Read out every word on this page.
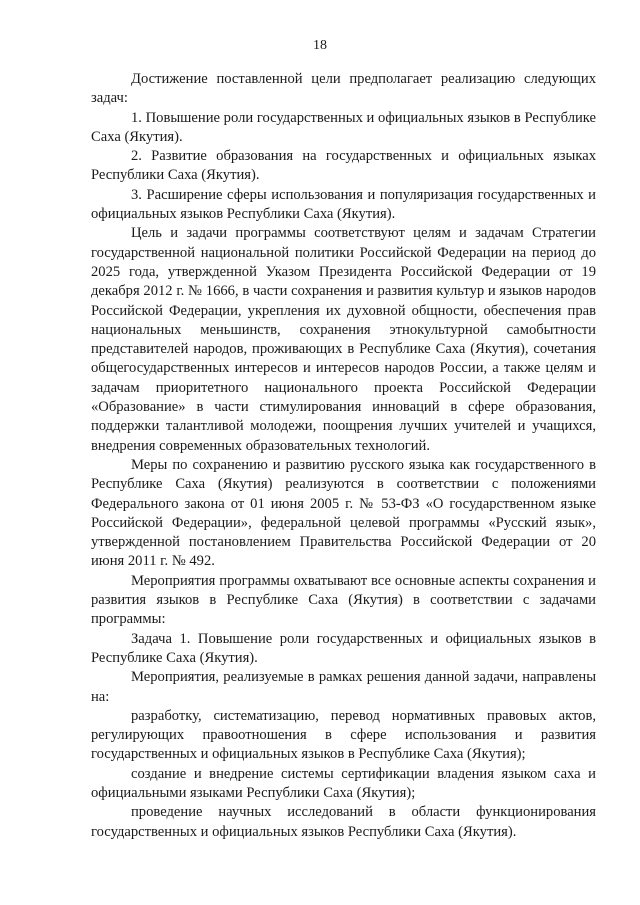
18

Достижение поставленной цели предполагает реализацию следующих задач:

1. Повышение роли государственных и официальных языков в Республике Саха (Якутия).

2. Развитие образования на государственных и официальных языках Республики Саха (Якутия).

3. Расширение сферы использования и популяризация государственных и официальных языков Республики Саха (Якутия).

Цель и задачи программы соответствуют целям и задачам Стратегии государственной национальной политики Российской Федерации на период до 2025 года, утвержденной Указом Президента Российской Федерации от 19 декабря 2012 г. № 1666, в части сохранения и развития культур и языков народов Российской Федерации, укрепления их духовной общности, обеспечения прав национальных меньшинств, сохранения этнокультурной самобытности представителей народов, проживающих в Республике Саха (Якутия), сочетания общегосударственных интересов и интересов народов России, а также целям и задачам приоритетного национального проекта Российской Федерации «Образование» в части стимулирования инноваций в сфере образования, поддержки талантливой молодежи, поощрения лучших учителей и учащихся, внедрения современных образовательных технологий.

Меры по сохранению и развитию русского языка как государственного в Республике Саха (Якутия) реализуются в соответствии с положениями Федерального закона от 01 июня 2005 г. № 53-ФЗ «О государственном языке Российской Федерации», федеральной целевой программы «Русский язык», утвержденной постановлением Правительства Российской Федерации от 20 июня 2011 г. № 492.

Мероприятия программы охватывают все основные аспекты сохранения и развития языков в Республике Саха (Якутия) в соответствии с задачами программы:

Задача 1. Повышение роли государственных и официальных языков в Республике Саха (Якутия).

Мероприятия, реализуемые в рамках решения данной задачи, направлены на:

разработку, систематизацию, перевод нормативных правовых актов, регулирующих правоотношения в сфере использования и развития государственных и официальных языков в Республике Саха (Якутия);

создание и внедрение системы сертификации владения языком саха и официальными языками Республики Саха (Якутия);

проведение научных исследований в области функционирования государственных и официальных языков Республики Саха (Якутия).
